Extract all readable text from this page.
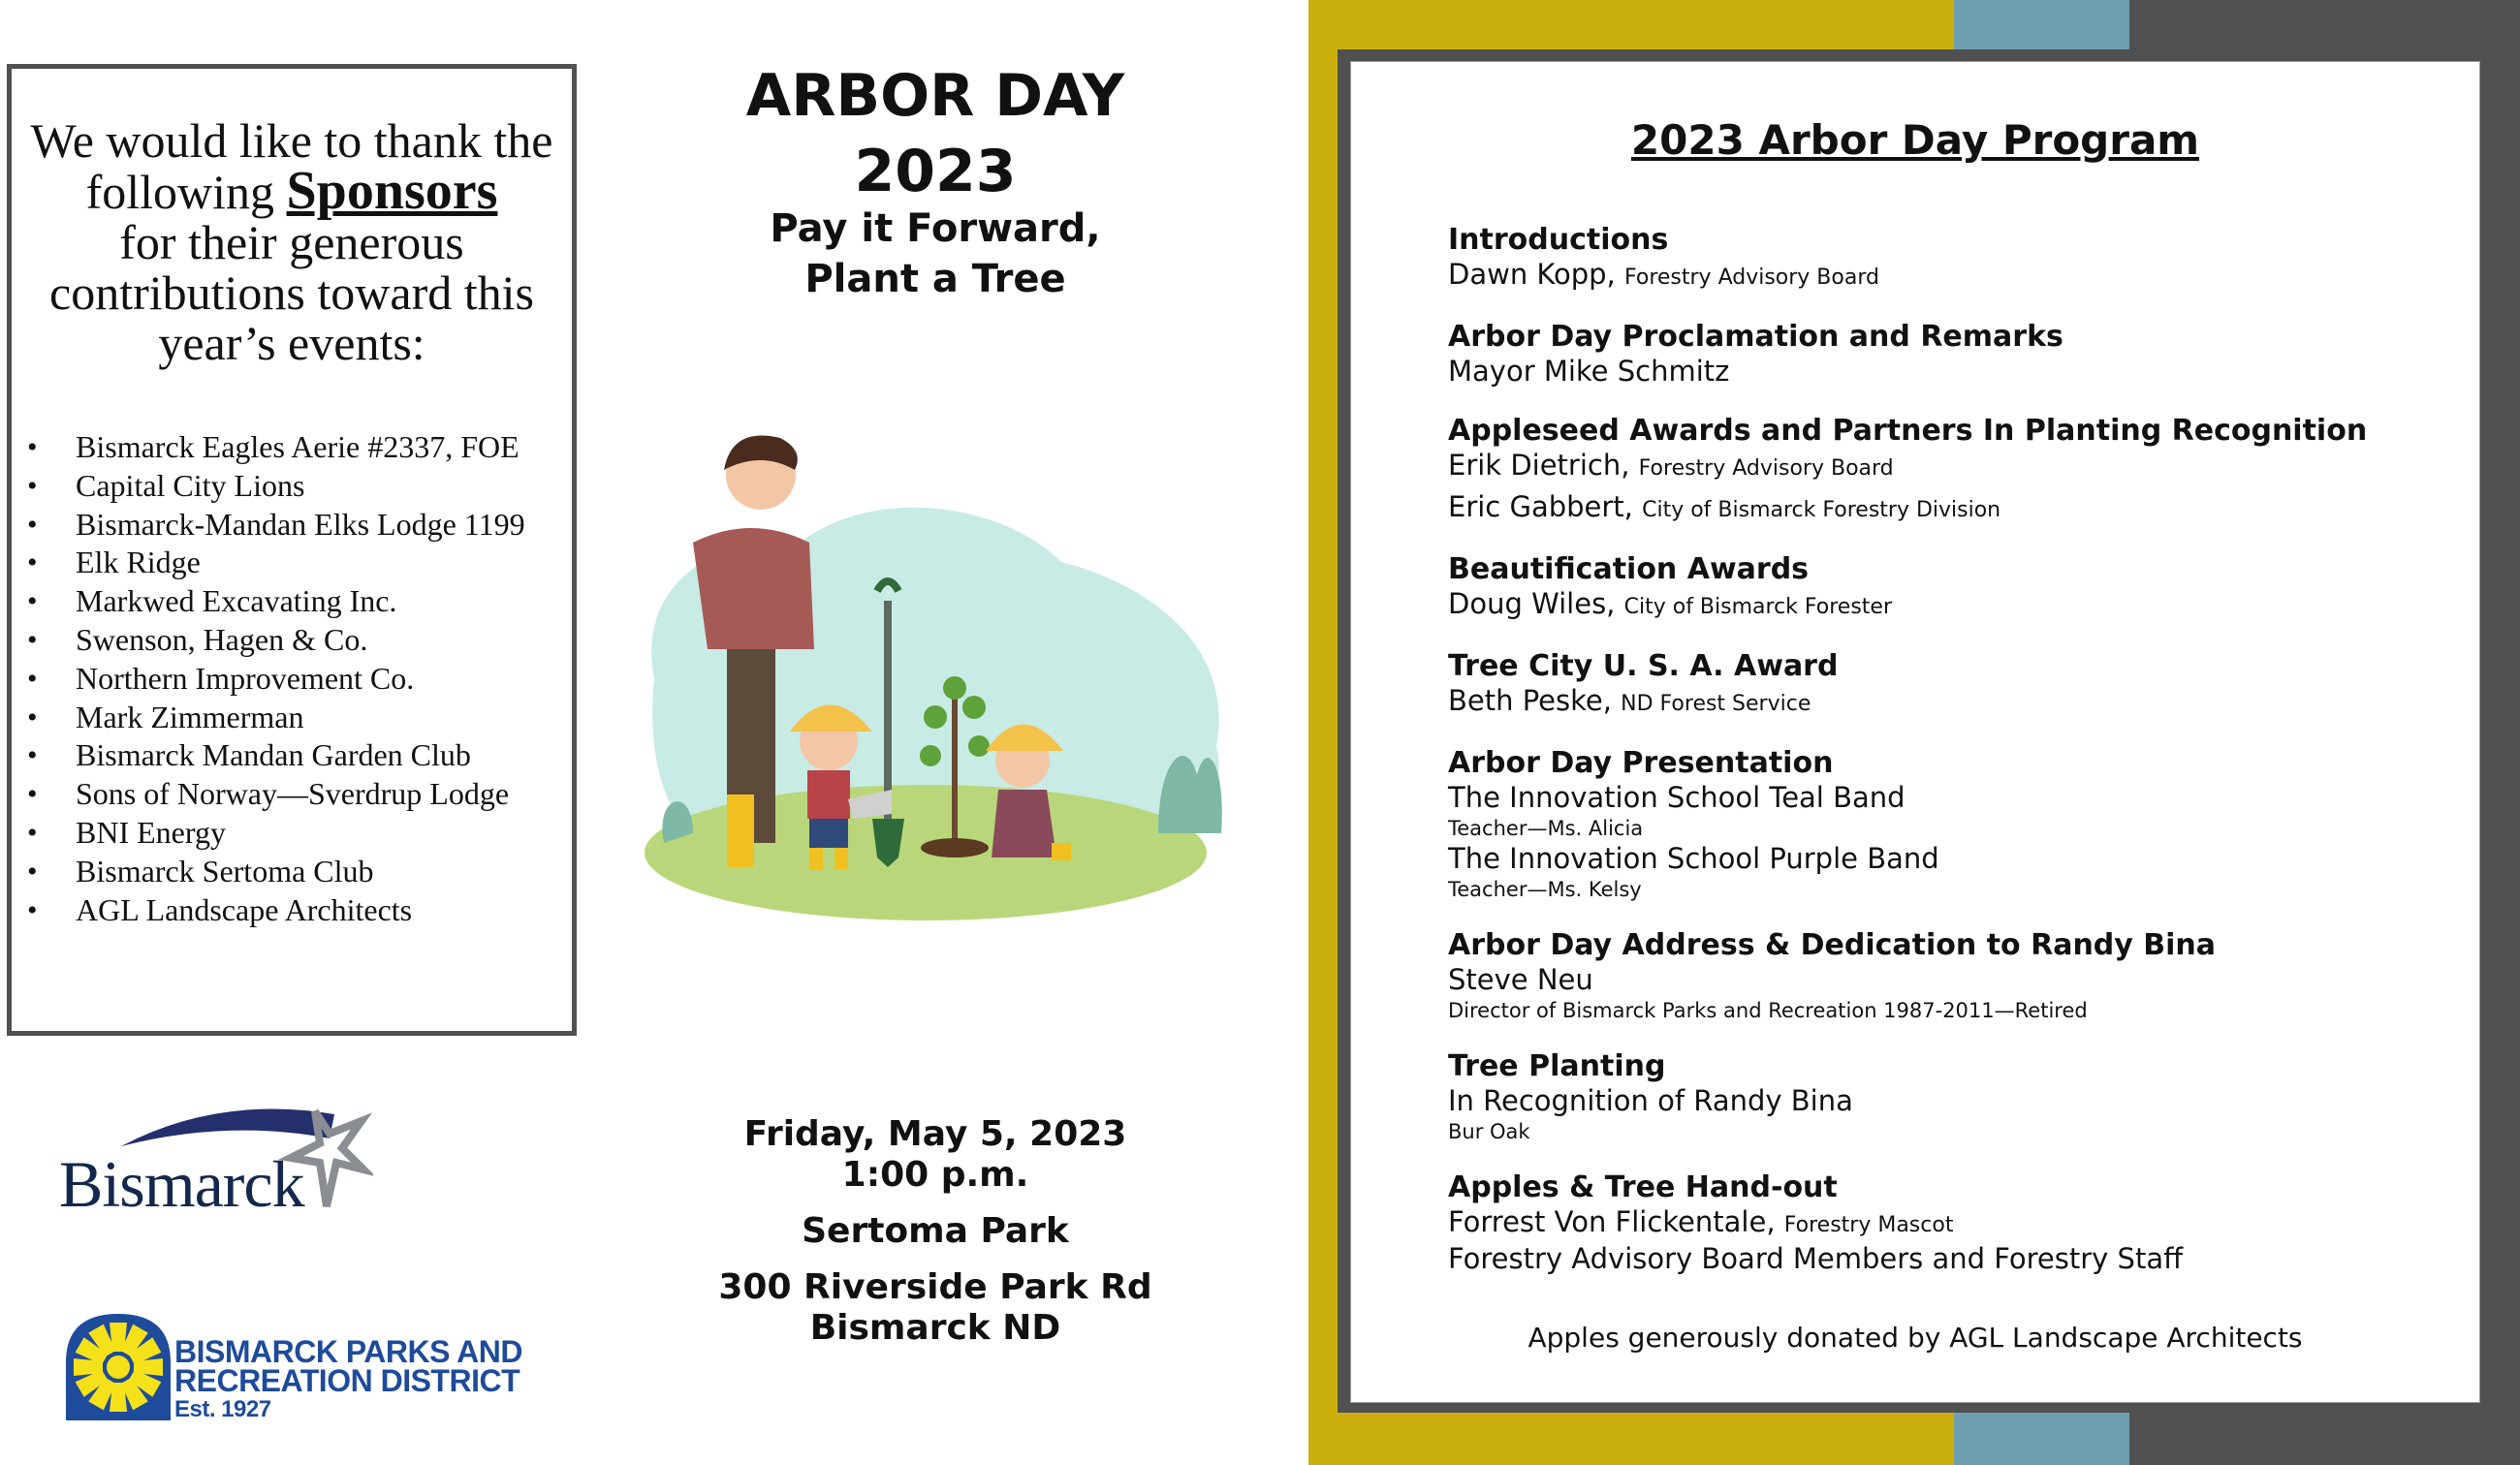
We would like to thank the following Sponsors
for their generous contributions toward this year’s events:

• Bismarck Eagles Aerie #2337, FOE
• Capital City Lions
• Bismarck-Mandan Elks Lodge 1199
• Elk Ridge
• Markwed Excavating Inc.
• Swenson, Hagen & Co.
• Northern Improvement Co.
• Mark Zimmerman
• Bismarck Mandan Garden Club
• Sons of Norway—Sverdrup Lodge
• BNI Energy
• Bismarck Sertoma Club
• AGL Landscape Architects
ARBOR DAY
2023
Pay it Forward,
Plant a Tree
Friday, May 5, 2023
1:00 p.m.
Sertoma Park
300 Riverside Park Rd
Bismarck ND
Bismarck
BISMARCK PARKS AND
RECREATION DISTRICT
Est. 1927
2023 Arbor Day Program
Introductions
Dawn Kopp, Forestry Advisory Board
Arbor Day Proclamation and Remarks
Mayor Mike Schmitz
Appleseed Awards and Partners In Planting Recognition
Erik Dietrich, Forestry Advisory Board
Eric Gabbert, City of Bismarck Forestry Division
Beautification Awards
Doug Wiles, City of Bismarck Forester
Tree City U. S. A. Award
Beth Peske, ND Forest Service
Arbor Day Presentation
The Innovation School Teal Band
Teacher—Ms. Alicia
The Innovation School Purple Band
Teacher—Ms. Kelsy
Arbor Day Address & Dedication to Randy Bina
Steve Neu
Director of Bismarck Parks and Recreation 1987-2011—Retired
Tree Planting
In Recognition of Randy Bina
Bur Oak
Apples & Tree Hand-out
Forrest Von Flickentale, Forestry Mascot
Forestry Advisory Board Members and Forestry Staff
Apples generously donated by AGL Landscape Architects
